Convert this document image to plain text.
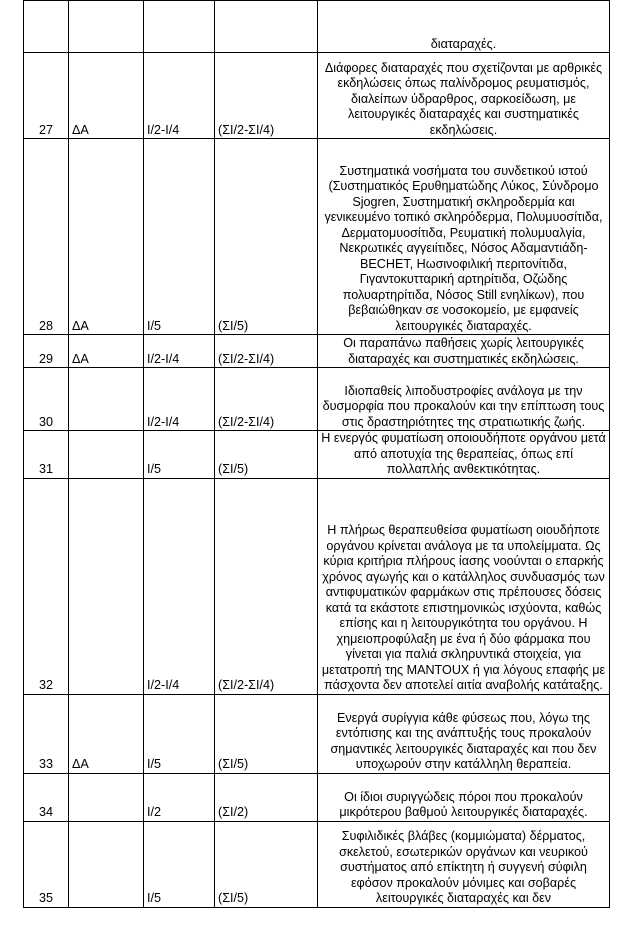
				διαταραχές.

27	ΔΑ	I/2-I/4	(ΣΙ/2-ΣΙ/4)	Διάφορες διαταραχές που σχετίζονται με αρθρικές εκδηλώσεις όπως παλίνδρομος ρευματισμός, διαλείπων ύδραρθρος, σαρκοείδωση, με λειτουργικές διαταραχές και συστηματικές εκδηλώσεις.

28	ΔΑ	I/5	(ΣΙ/5)	Συστηματικά νοσήματα του συνδετικού ιστού (Συστηματικός Ερυθηματώδης Λύκος, Σύνδρομο Sjogren, Συστηματική σκληροδερμία και γενικευμένο τοπικό σκληρόδερμα, Πολυμυοσίτιδα, Δερματομυοσίτιδα, Ρευματική πολυμυαλγία, Νεκρωτικές αγγειίτιδες, Νόσος Αδαμαντιάδη-BECHET, Ηωσινοφιλική περιτονίτιδα, Γιγαντοκυτταρική αρτηρίτιδα, Οζώδης πολυαρτηρίτιδα, Νόσος Still ενηλίκων), που βεβαιώθηκαν σε νοσοκομείο, με εμφανείς λειτουργικές διαταραχές.

29	ΔΑ	I/2-I/4	(ΣΙ/2-ΣΙ/4)	Οι παραπάνω παθήσεις χωρίς λειτουργικές διαταραχές και συστηματικές εκδηλώσεις.

30		I/2-I/4	(ΣΙ/2-ΣΙ/4)	Ιδιοπαθείς λιποδυστροφίες ανάλογα με την δυσμορφία που προκαλούν και την επίπτωση τους στις δραστηριότητες της στρατιωτικής ζωής.

31		I/5	(ΣΙ/5)	Η ενεργός φυματίωση οποιουδήποτε οργάνου μετά από αποτυχία της θεραπείας, όπως επί πολλαπλής ανθεκτικότητας.

32		I/2-I/4	(ΣΙ/2-ΣΙ/4)	Η πλήρως θεραπευθείσα φυματίωση οιουδήποτε οργάνου κρίνεται ανάλογα με τα υπολείμματα. Ως κύρια κριτήρια πλήρους ίασης νοούνται ο επαρκής χρόνος αγωγής και ο κατάλληλος συνδυασμός των αντιφυματικών φαρμάκων στις πρέπουσες δόσεις κατά τα εκάστοτε επιστημονικώς ισχύοντα, καθώς επίσης και η λειτουργικότητα του οργάνου. Η χημειοπροφύλαξη με ένα ή δύο φάρμακα που γίνεται για παλιά σκληρυντικά στοιχεία, για μετατροπή της MANTOUX ή για λόγους επαφής με πάσχοντα δεν αποτελεί αιτία αναβολής κατάταξης.

33	ΔΑ	I/5	(ΣΙ/5)	Ενεργά συρίγγια κάθε φύσεως που, λόγω της εντόπισης και της ανάπτυξής τους προκαλούν σημαντικές λειτουργικές διαταραχές και που δεν υποχωρούν στην κατάλληλη θεραπεία.

34		I/2	(ΣΙ/2)	Οι ίδιοι συριγγώδεις πόροι που προκαλούν μικρότερου βαθμού λειτουργικές διαταραχές.

35		I/5	(ΣΙ/5)	Συφιλιδικές βλάβες (κομμιώματα) δέρματος, σκελετού, εσωτερικών οργάνων και νευρικού συστήματος από επίκτητη ή συγγενή σύφιλη εφόσον προκαλούν μόνιμες και σοβαρές λειτουργικές διαταραχές και δεν
